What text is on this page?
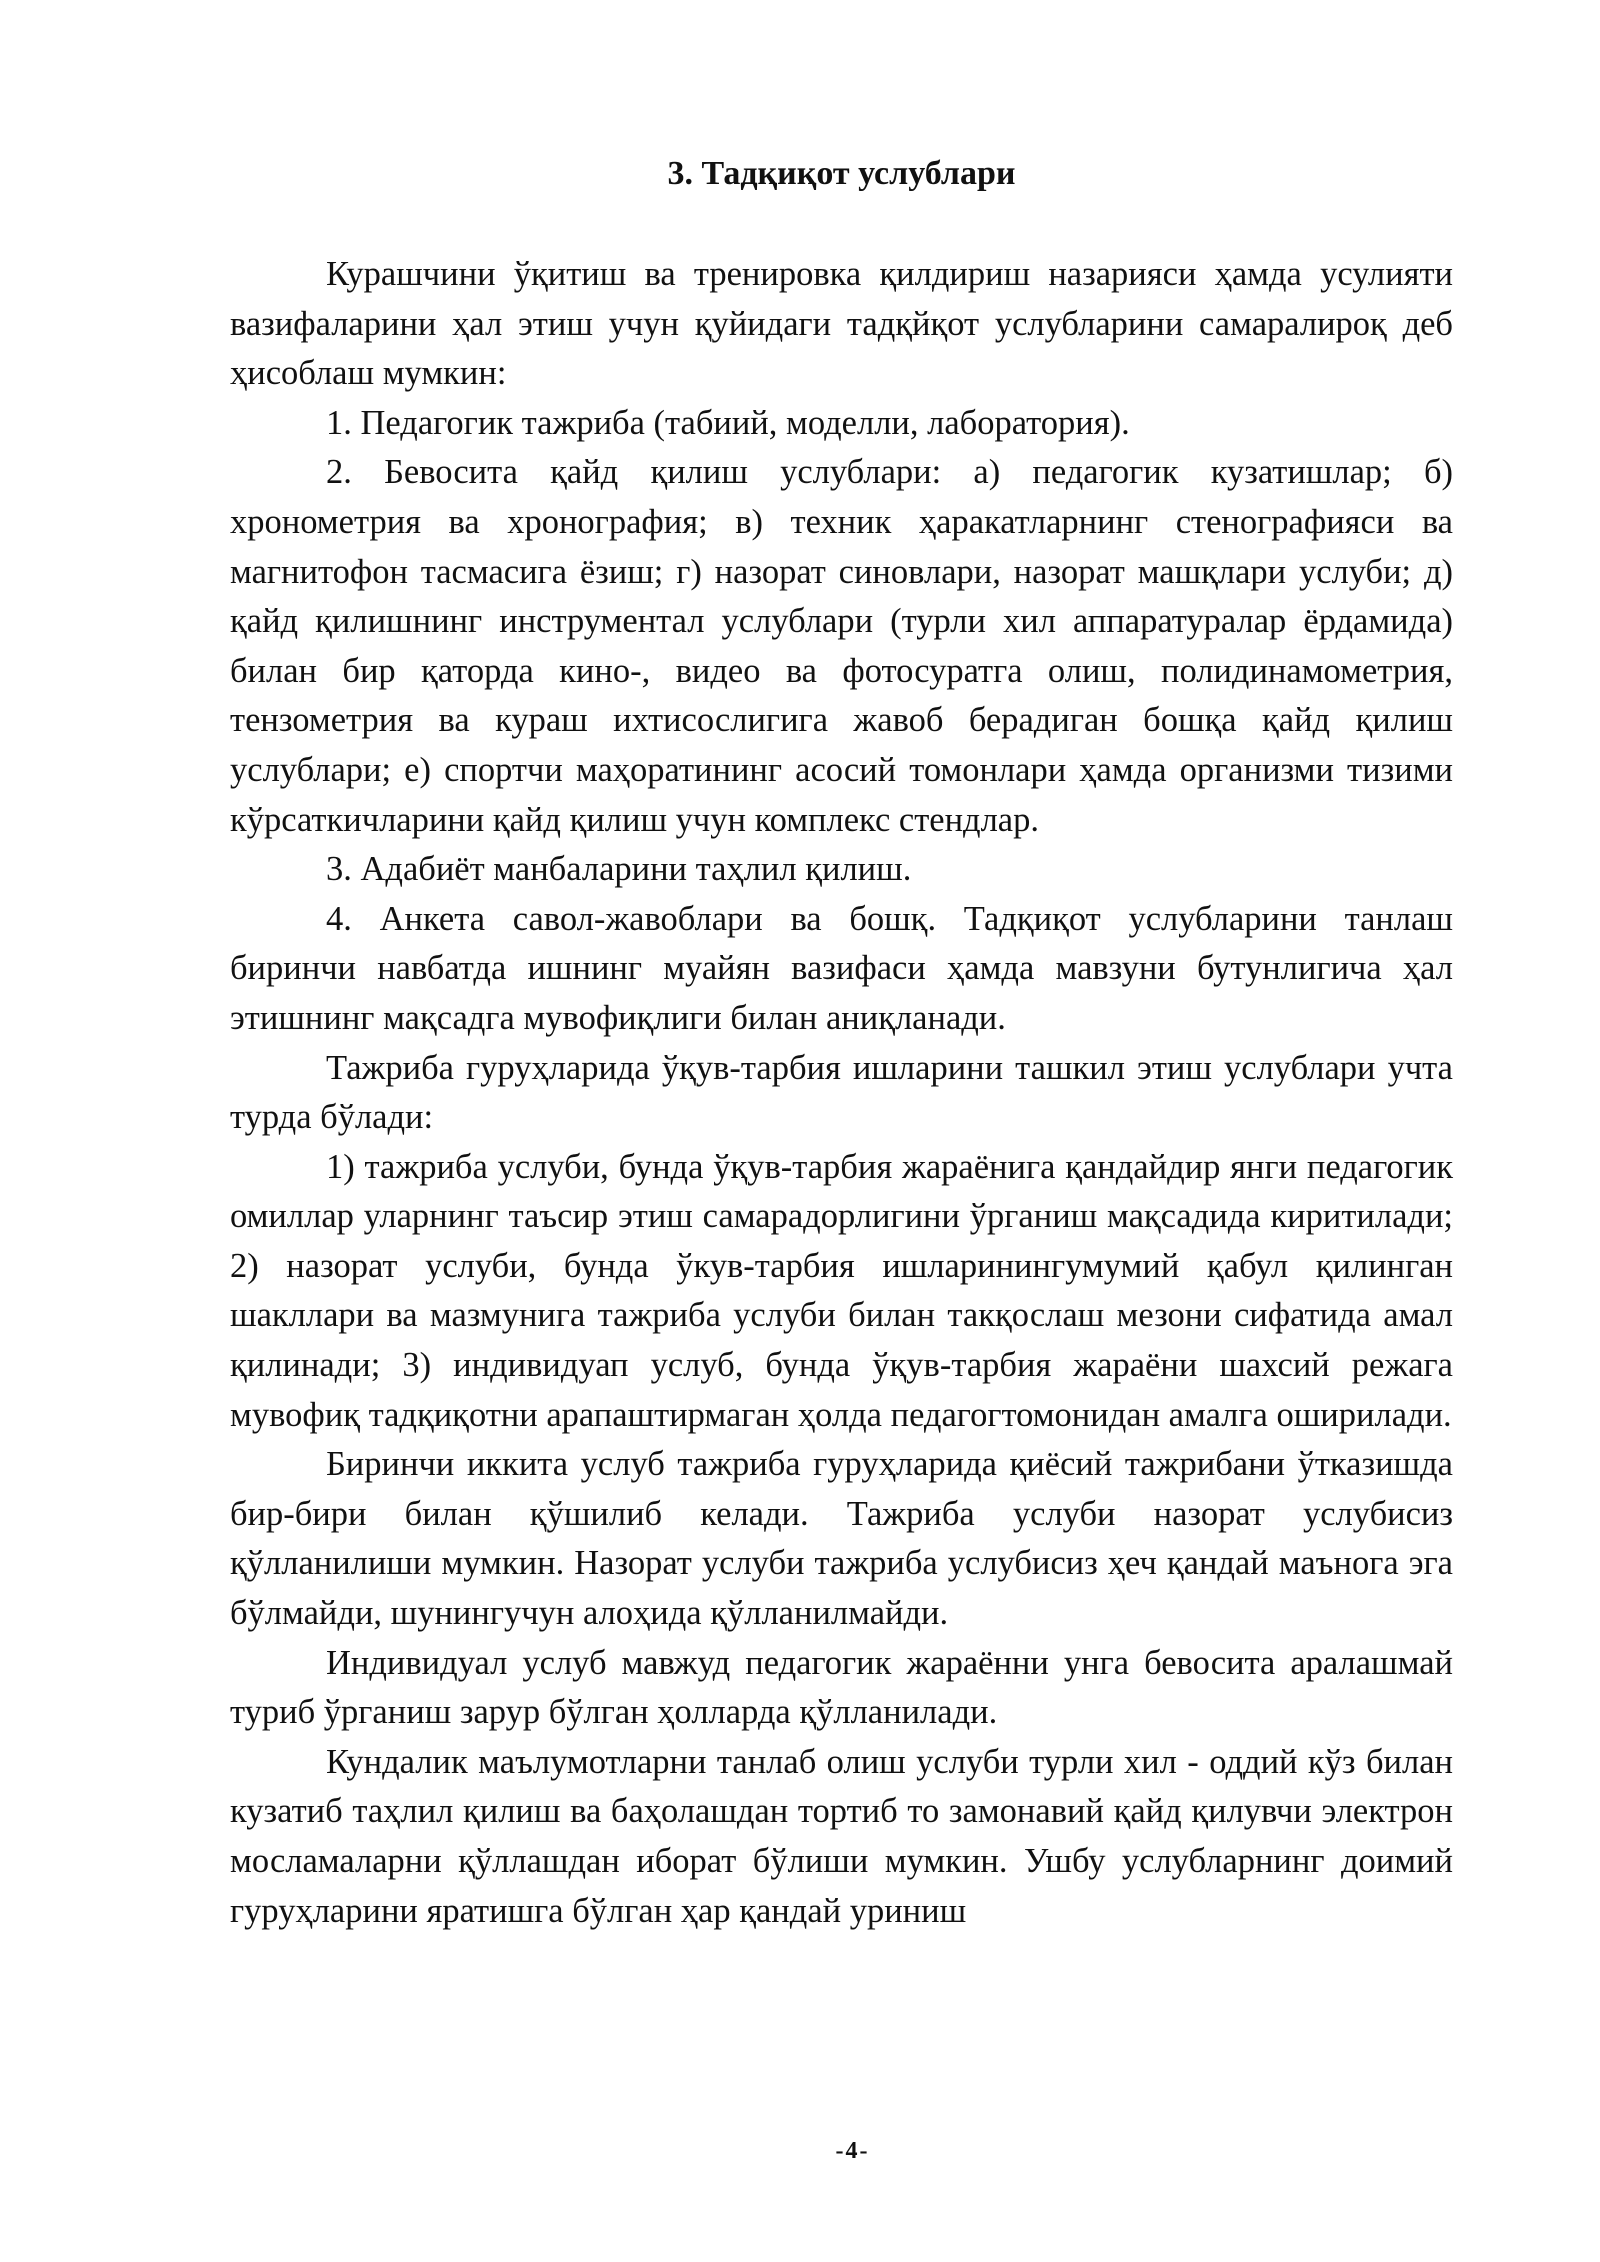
3. Тадқиқот услублари

Курашчини ўқитиш ва тренировка қилдириш назарияси ҳамда усулияти вазифаларини ҳал этиш учун қуйидаги тадқйқот услубларини самаралироқ деб ҳисоблаш мумкин:

1. Педагогик тажриба (табиий, моделли, лаборатория).

2. Бевосита қайд қилиш услублари: а) педагогик кузатишлар; б) хронометрия ва хронография; в) техник ҳаракатларнинг стенографияси ва магнитофон тасмасига ёзиш; г) назорат синовлари, назорат машқлари услуби; д) қайд қилишнинг инструментал услублари (турли хил аппаратуралар ёрдамида) билан бир қаторда кино-, видео ва фотосуратга олиш, полидинамометрия, тензометрия ва кураш ихтисослигига жавоб берадиган бошқа қайд қилиш услублари; е) спортчи маҳоратининг асосий томонлари ҳамда организми тизими кўрсаткичларини қайд қилиш учун комплекс стендлар.

3. Адабиёт манбаларини таҳлил қилиш.

4. Анкета савол-жавоблари ва бошқ. Тадқиқот услубларини танлаш биринчи навбатда ишнинг муайян вазифаси ҳамда мавзуни бутунлигича ҳал этишнинг мақсадга мувофиқлиги билан аниқланади.

Тажриба гуруҳларида ўқув-тарбия ишларини ташкил этиш услублари учта турда бўлади:

1) тажриба услуби, бунда ўқув-тарбия жараёнига қандайдир янги педагогик омиллар уларнинг таъсир этиш самарадорлигини ўрганиш мақсадида киритилади; 2) назорат услуби, бунда ўкув-тарбия ишларинингумумий қабул қилинган шакллари ва мазмунига тажриба услуби билан такқослаш мезони сифатида амал қилинади; 3) индивидуап услуб, бунда ўқув-тарбия жараёни шахсий режага мувофиқ тадқиқотни арапаштирмаган ҳолда педагогтомонидан амалга оширилади.

Биринчи иккита услуб тажриба гуруҳларида қиёсий тажрибани ўтказишда бир-бири билан қўшилиб келади. Тажриба услуби назорат услубисиз қўлланилиши мумкин. Назорат услуби тажриба услубисиз ҳеч қандай маънога эга бўлмайди, шунингучун алоҳида қўлланилмайди.

Индивидуал услуб мавжуд педагогик жараённи унга бевосита аралашмай туриб ўрганиш зарур бўлган ҳолларда қўлланилади.

Кундалик маълумотларни танлаб олиш услуби турли хил - оддий кўз билан кузатиб таҳлил қилиш ва баҳолашдан тортиб то замонавий қайд қилувчи электрон мосламаларни қўллашдан иборат бўлиши мумкин. Ушбу услубларнинг доимий гуруҳларини яратишга бўлган ҳар қандай уриниш

-4-
